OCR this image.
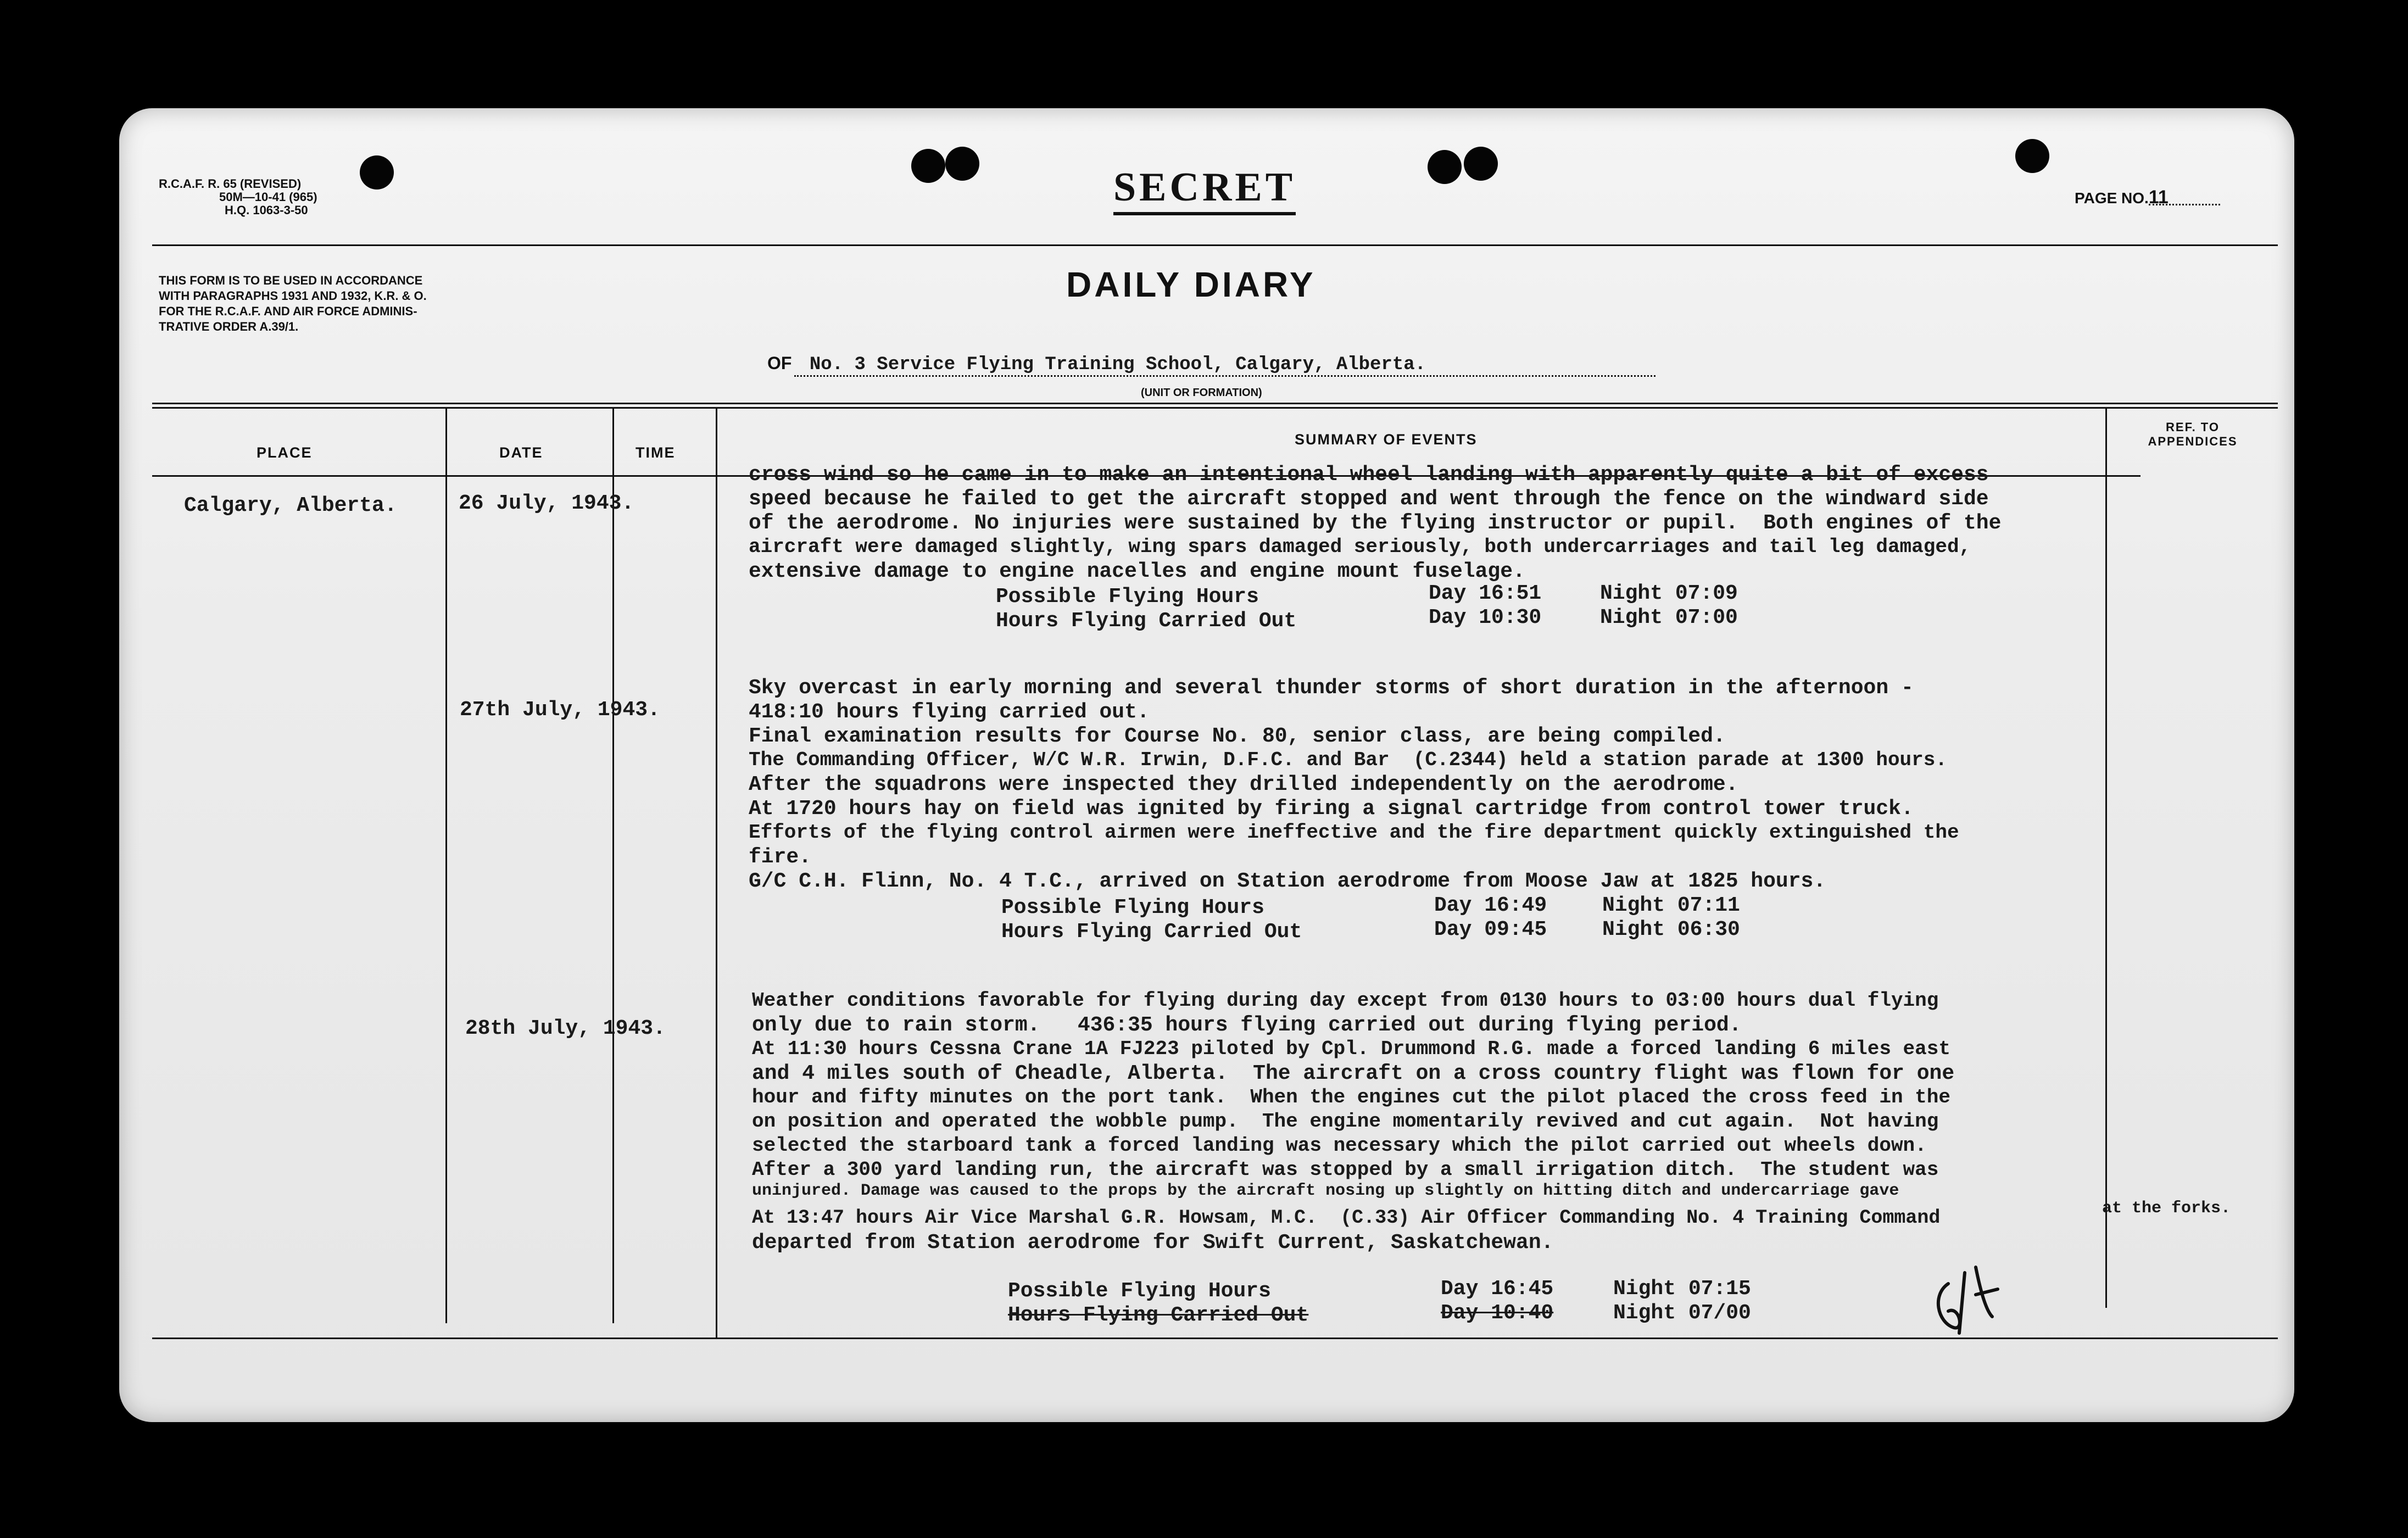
R.C.A.F. R. 65 (REVISED)
50M—10-41 (965)
H.Q. 1063-3-50
SECRET	PAGE NO.11
THIS FORM IS TO BE USED IN ACCORDANCE
WITH PARAGRAPHS 1931 AND 1932, K.R. & O.
FOR THE R.C.A.F. AND AIR FORCE ADMINIS-
TRATIVE ORDER A.39/1.
DAILY DIARY
OF No. 3 Service Flying Training School, Calgary, Alberta.
(UNIT OR FORMATION)
PLACE	DATE	TIME
SUMMARY OF EVENTS
REF. TO
APPENDICES
Calgary, Alberta.	26 July, 1943.
cross wind so he came in to make an intentional wheel landing with apparently quite a bit of excess
speed because he failed to get the aircraft stopped and went through the fence on the windward side
of the aerodrome. No injuries were sustained by the flying instructor or pupil.  Both engines of the
aircraft were damaged slightly, wing spars damaged seriously, both undercarriages and tail leg damaged,
extensive damage to engine nacelles and engine mount fuselage.
Possible Flying Hours	Day 16:51	Night 07:09
Hours Flying Carried Out	Day 10:30	Night 07:00
27th July, 1943.
Sky overcast in early morning and several thunder storms of short duration in the afternoon -
418:10 hours flying carried out.
Final examination results for Course No. 80, senior class, are being compiled.
The Commanding Officer, W/C W.R. Irwin, D.F.C. and Bar  (C.2344) held a station parade at 1300 hours.
After the squadrons were inspected they drilled independently on the aerodrome.
At 1720 hours hay on field was ignited by firing a signal cartridge from control tower truck.
Efforts of the flying control airmen were ineffective and the fire department quickly extinguished the
fire.
G/C C.H. Flinn, No. 4 T.C., arrived on Station aerodrome from Moose Jaw at 1825 hours.
Possible Flying Hours	Day 16:49	Night 07:11
Hours Flying Carried Out	Day 09:45	Night 06:30
28th July, 1943.
Weather conditions favorable for flying during day except from 0130 hours to 03:00 hours dual flying
only due to rain storm.   436:35 hours flying carried out during flying period.
At 11:30 hours Cessna Crane 1A FJ223 piloted by Cpl. Drummond R.G. made a forced landing 6 miles east
and 4 miles south of Cheadle, Alberta.  The aircraft on a cross country flight was flown for one
hour and fifty minutes on the port tank.  When the engines cut the pilot placed the cross feed in the
on position and operated the wobble pump.  The engine momentarily revived and cut again.  Not having
selected the starboard tank a forced landing was necessary which the pilot carried out wheels down.
After a 300 yard landing run, the aircraft was stopped by a small irrigation ditch.  The student was
uninjured. Damage was caused to the props by the aircraft nosing up slightly on hitting ditch and undercarriage gave
At 13:47 hours Air Vice Marshal G.R. Howsam, M.C.  (C.33) Air Officer Commanding No. 4 Training Command
departed from Station aerodrome for Swift Current, Saskatchewan.
at the forks.
Possible Flying Hours	Day 16:45	Night 07:15
Hours Flying Carried Out	Day 10:40	Night 07/00
